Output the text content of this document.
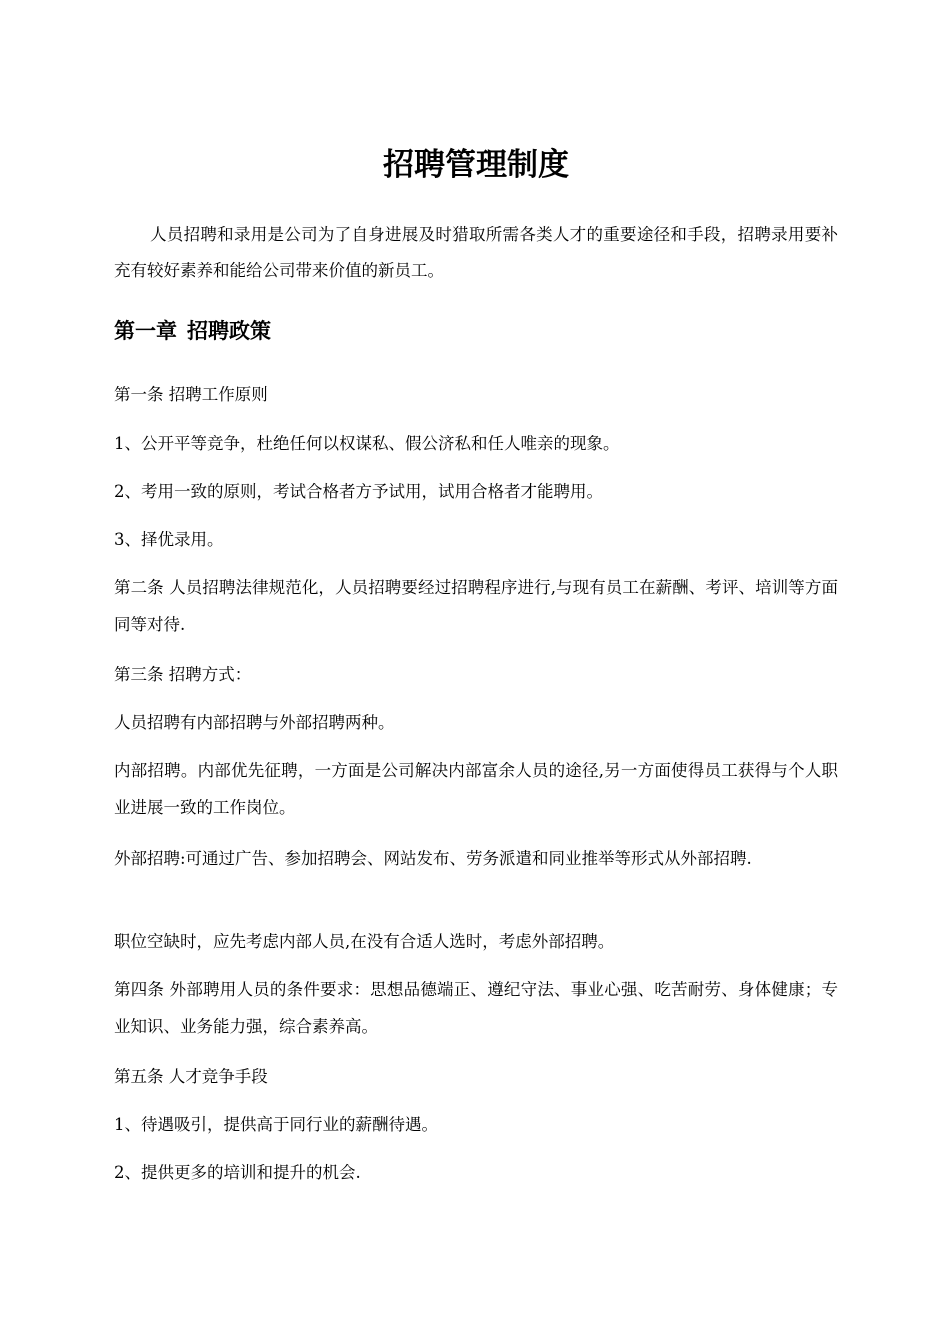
招聘管理制度

人员招聘和录用是公司为了自身进展及时猎取所需各类人才的重要途径和手段，招聘录用要补充有较好素养和能给公司带来价值的新员工。

第一章 招聘政策

第一条 招聘工作原则

1、公开平等竞争，杜绝任何以权谋私、假公济私和任人唯亲的现象。

2、考用一致的原则，考试合格者方予试用，试用合格者才能聘用。

3、择优录用。

第二条 人员招聘法律规范化，人员招聘要经过招聘程序进行,与现有员工在薪酬、考评、培训等方面同等对待.

第三条 招聘方式：

人员招聘有内部招聘与外部招聘两种。

内部招聘。内部优先征聘，一方面是公司解决内部富余人员的途径,另一方面使得员工获得与个人职业进展一致的工作岗位。

外部招聘:可通过广告、参加招聘会、网站发布、劳务派遣和同业推举等形式从外部招聘.

职位空缺时，应先考虑内部人员,在没有合适人选时，考虑外部招聘。

第四条 外部聘用人员的条件要求：思想品德端正、遵纪守法、事业心强、吃苦耐劳、身体健康；专业知识、业务能力强，综合素养高。

第五条 人才竞争手段

1、待遇吸引，提供高于同行业的薪酬待遇。

2、提供更多的培训和提升的机会.
